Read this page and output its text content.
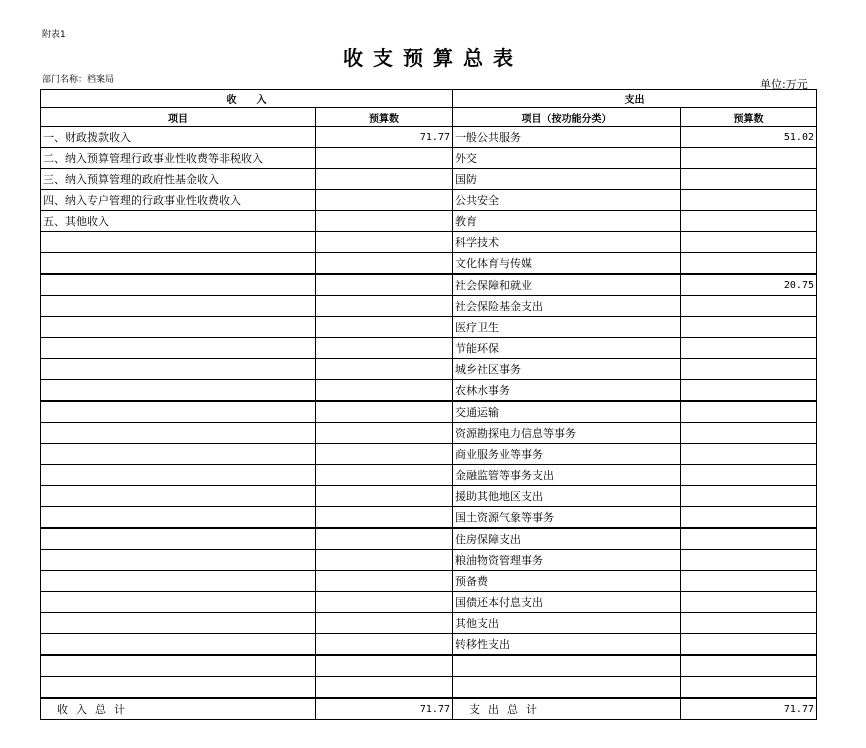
附表1
收支预算总表
部门名称：档案局	单位:万元
收　　入		支出	
项目	预算数	项目（按功能分类）	预算数
一、财政拨款收入	71.77	一般公共服务	51.02
二、纳入预算管理行政事业性收费等非税收入		外交	
三、纳入预算管理的政府性基金收入		国防	
四、纳入专户管理的行政事业性收费收入		公共安全	
五、其他收入		教育	
		科学技术	
		文化体育与传媒	
		社会保障和就业	20.75
		社会保险基金支出	
		医疗卫生	
		节能环保	
		城乡社区事务	
		农林水事务	
		交通运输	
		资源勘探电力信息等事务	
		商业服务业等事务	
		金融监管等事务支出	
		援助其他地区支出	
		国土资源气象等事务	
		住房保障支出	
		粮油物资管理事务	
		预备费	
		国债还本付息支出	
		其他支出	
		转移性支出	

收入总计	71.77	支出总计	71.77
